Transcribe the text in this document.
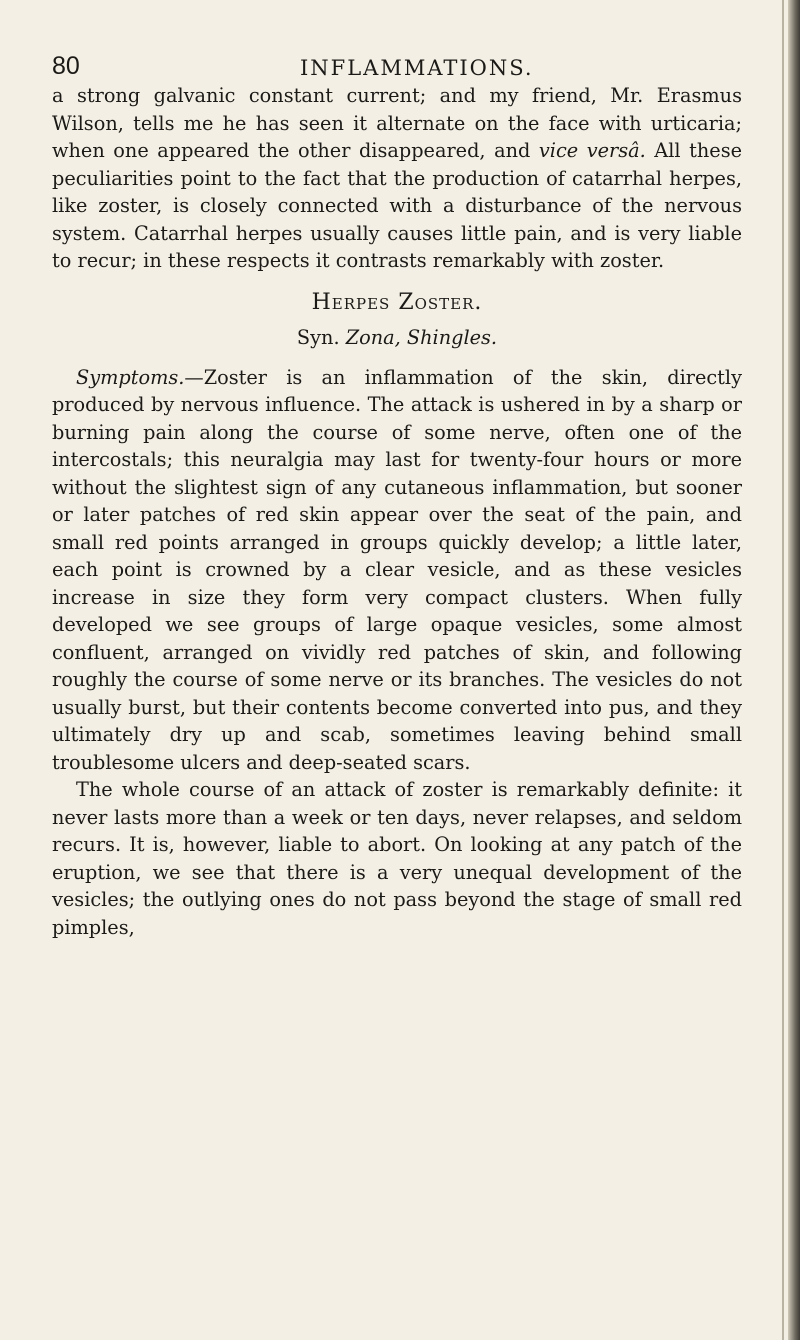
80	INFLAMMATIONS.

a strong galvanic constant current; and my friend, Mr. Erasmus Wilson, tells me he has seen it alternate on the face with urticaria; when one appeared the other disappeared, and vice versâ. All these peculiarities point to the fact that the production of catarrhal herpes, like zoster, is closely connected with a disturbance of the nervous system. Catarrhal herpes usually causes little pain, and is very liable to recur; in these respects it contrasts remarkably with zoster.

Herpes Zoster.
Syn. Zona, Shingles.

Symptoms.—Zoster is an inflammation of the skin, directly produced by nervous influence. The attack is ushered in by a sharp or burning pain along the course of some nerve, often one of the intercostals; this neuralgia may last for twenty-four hours or more without the slightest sign of any cutaneous inflammation, but sooner or later patches of red skin appear over the seat of the pain, and small red points arranged in groups quickly develop; a little later, each point is crowned by a clear vesicle, and as these vesicles increase in size they form very compact clusters. When fully developed we see groups of large opaque vesicles, some almost confluent, arranged on vividly red patches of skin, and following roughly the course of some nerve or its branches. The vesicles do not usually burst, but their contents become converted into pus, and they ultimately dry up and scab, sometimes leaving behind small troublesome ulcers and deep-seated scars.

The whole course of an attack of zoster is remarkably definite: it never lasts more than a week or ten days, never relapses, and seldom recurs. It is, however, liable to abort. On looking at any patch of the eruption, we see that there is a very unequal development of the vesicles; the outlying ones do not pass beyond the stage of small red pimples,
